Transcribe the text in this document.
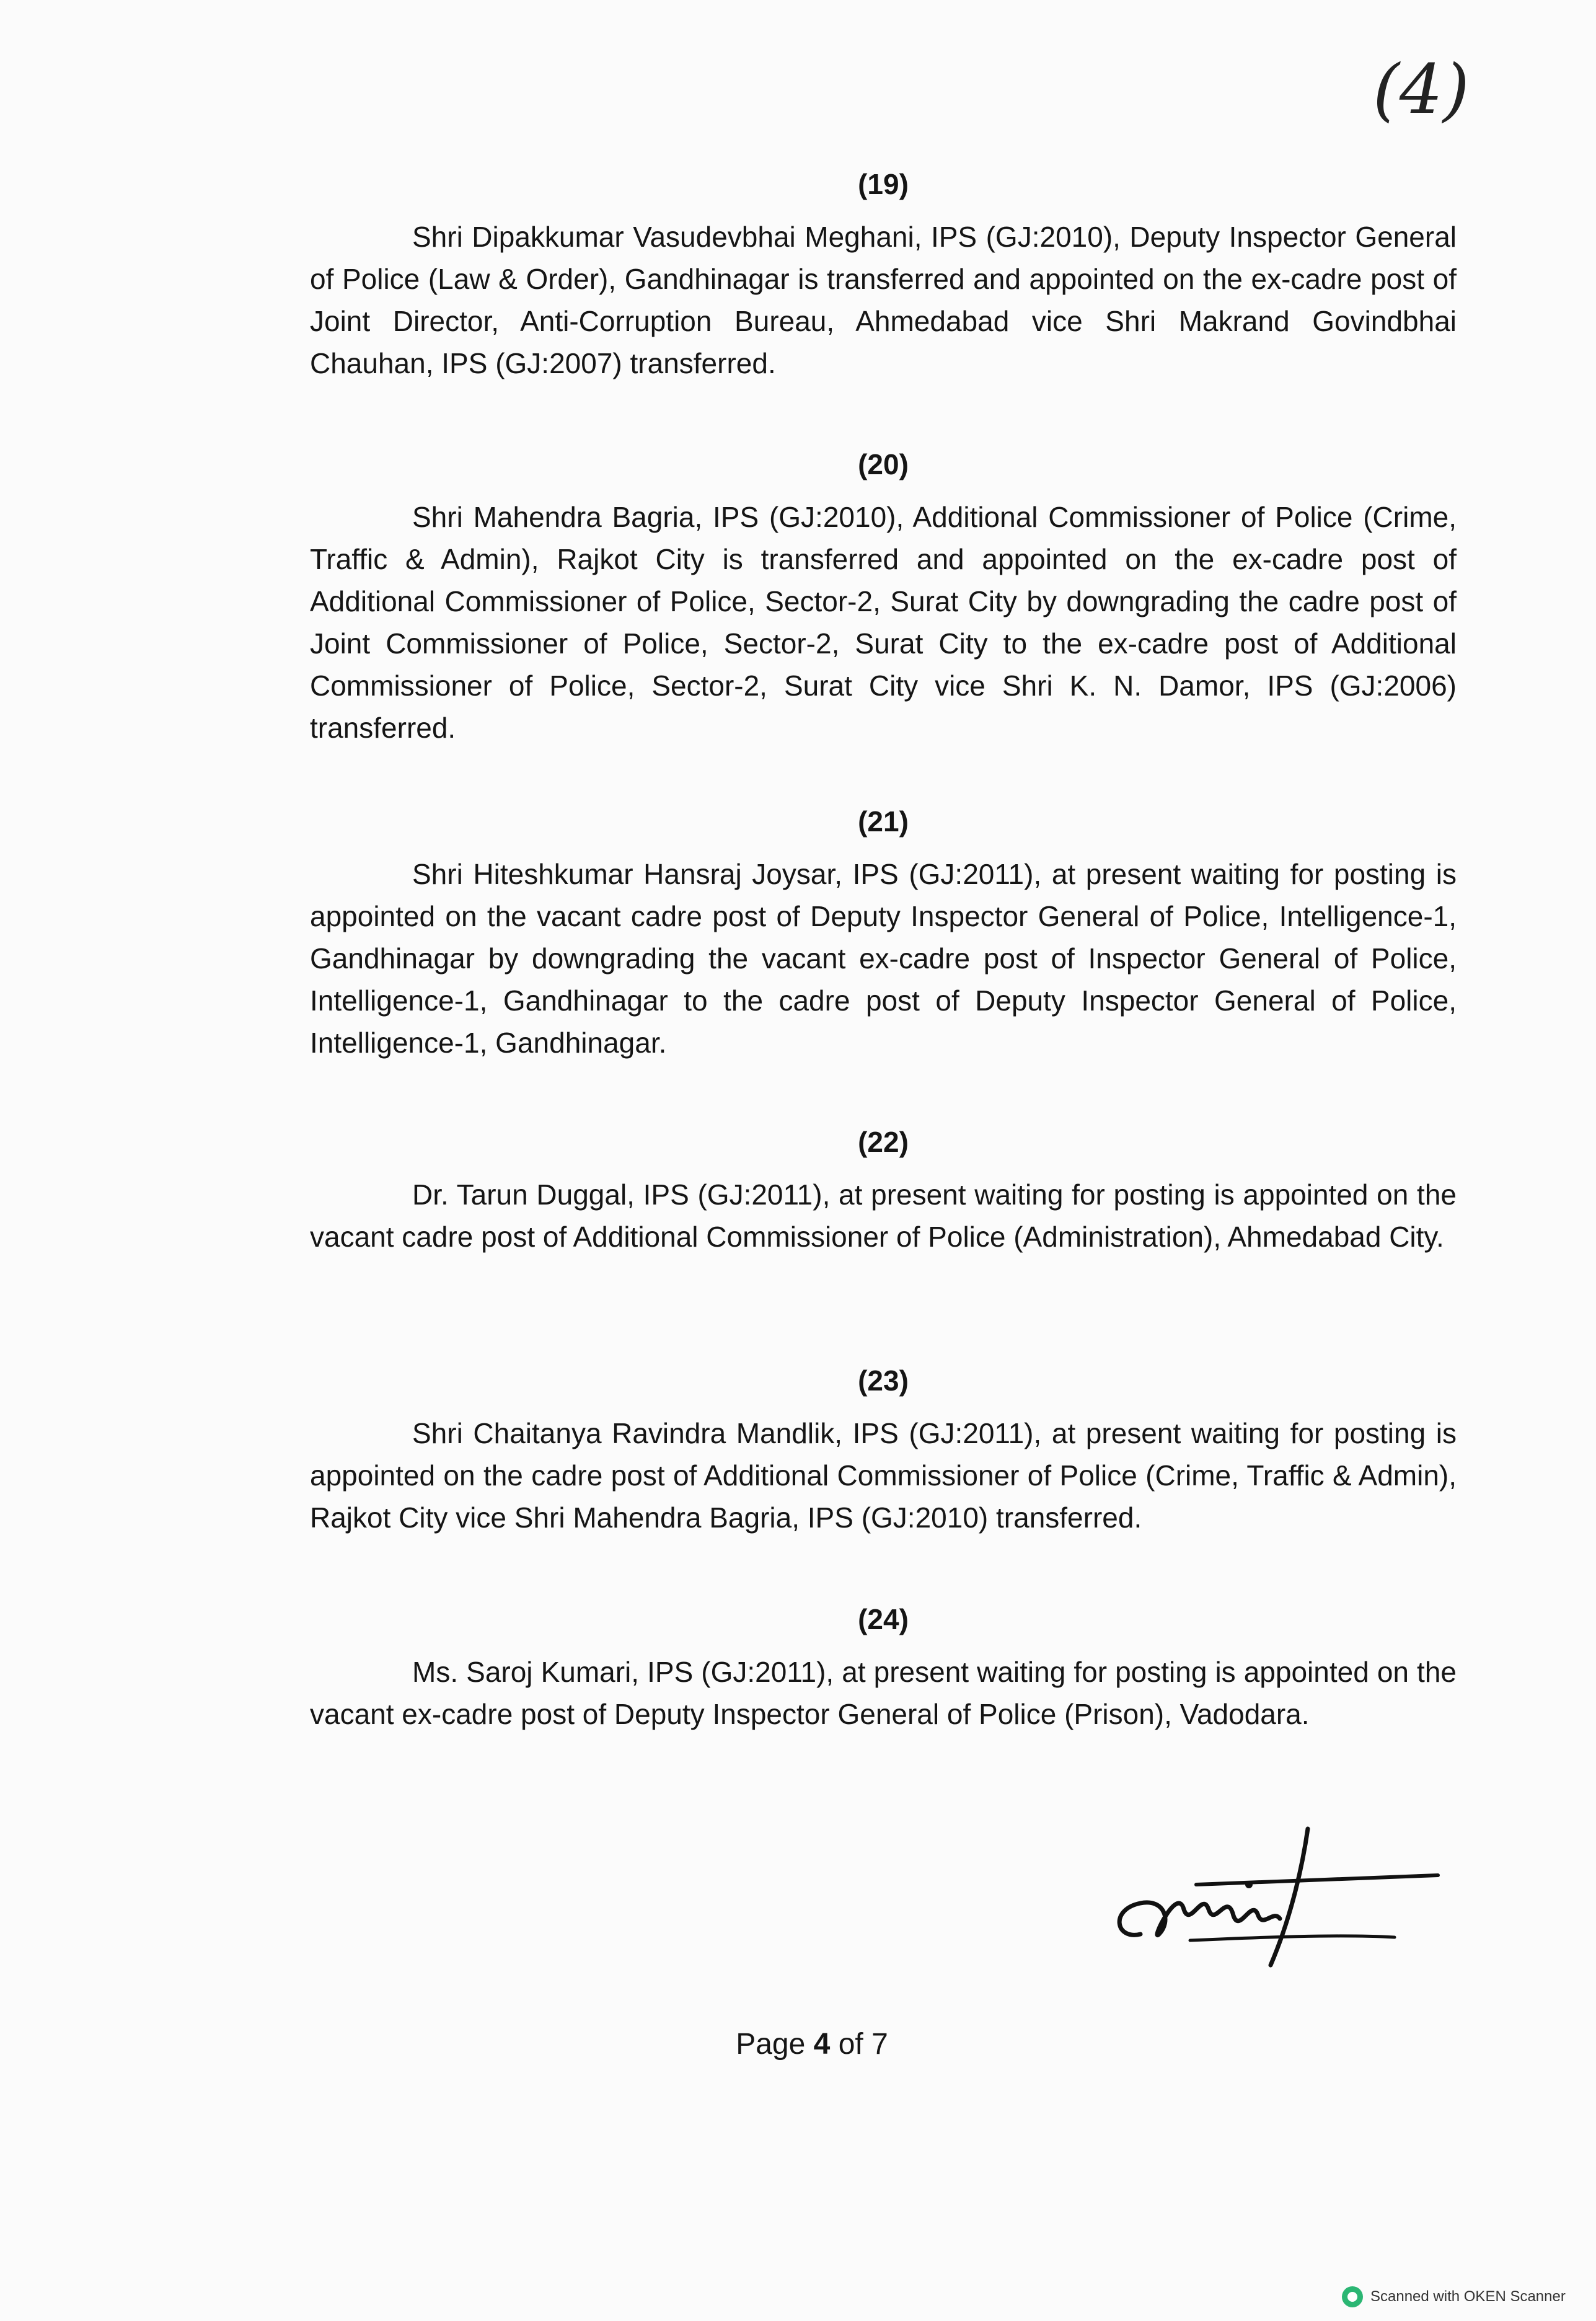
(4)

(19)

Shri Dipakkumar Vasudevbhai Meghani, IPS (GJ:2010), Deputy Inspector General of Police (Law & Order), Gandhinagar is transferred and appointed on the ex-cadre post of Joint Director, Anti-Corruption Bureau, Ahmedabad vice Shri Makrand Govindbhai Chauhan, IPS (GJ:2007) transferred.

(20)

Shri Mahendra Bagria, IPS (GJ:2010), Additional Commissioner of Police (Crime, Traffic & Admin), Rajkot City is transferred and appointed on the ex-cadre post of Additional Commissioner of Police, Sector-2, Surat City by downgrading the cadre post of Joint Commissioner of Police, Sector-2, Surat City to the ex-cadre post of Additional Commissioner of Police, Sector-2, Surat City vice Shri K. N. Damor, IPS (GJ:2006) transferred.

(21)

Shri Hiteshkumar Hansraj Joysar, IPS (GJ:2011), at present waiting for posting is appointed on the vacant cadre post of Deputy Inspector General of Police, Intelligence-1, Gandhinagar by downgrading the vacant ex-cadre post of Inspector General of Police, Intelligence-1, Gandhinagar to the cadre post of Deputy Inspector General of Police, Intelligence-1, Gandhinagar.

(22)

Dr. Tarun Duggal, IPS (GJ:2011), at present waiting for posting is appointed on the vacant cadre post of Additional Commissioner of Police (Administration), Ahmedabad City.

(23)

Shri Chaitanya Ravindra Mandlik, IPS (GJ:2011), at present waiting for posting is appointed on the cadre post of Additional Commissioner of Police (Crime, Traffic & Admin), Rajkot City vice Shri Mahendra Bagria, IPS (GJ:2010) transferred.

(24)

Ms. Saroj Kumari, IPS (GJ:2011), at present waiting for posting is appointed on the vacant ex-cadre post of Deputy Inspector General of Police (Prison), Vadodara.

Page 4 of 7
Scanned with OKEN Scanner
